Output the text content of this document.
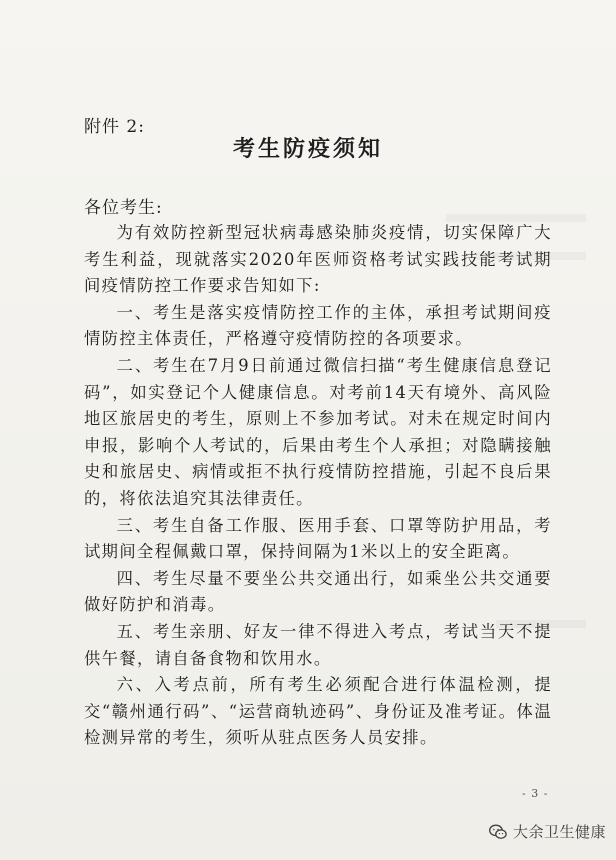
附件 2:
考生防疫须知
各位考生:

为有效防控新型冠状病毒感染肺炎疫情，切实保障广大考生利益，现就落实2020年医师资格考试实践技能考试期间疫情防控工作要求告知如下:

一、考生是落实疫情防控工作的主体，承担考试期间疫情防控主体责任，严格遵守疫情防控的各项要求。

二、考生在7月9日前通过微信扫描“考生健康信息登记码”，如实登记个人健康信息。对考前14天有境外、高风险地区旅居史的考生，原则上不参加考试。对未在规定时间内申报，影响个人考试的，后果由考生个人承担；对隐瞒接触史和旅居史、病情或拒不执行疫情防控措施，引起不良后果的，将依法追究其法律责任。

三、考生自备工作服、医用手套、口罩等防护用品，考试期间全程佩戴口罩，保持间隔为1米以上的安全距离。

四、考生尽量不要坐公共交通出行，如乘坐公共交通要做好防护和消毒。

五、考生亲朋、好友一律不得进入考点，考试当天不提供午餐，请自备食物和饮用水。

六、入考点前，所有考生必须配合进行体温检测，提交“赣州通行码”、“运营商轨迹码”、身份证及准考证。体温检测异常的考生，须听从驻点医务人员安排。

- 3 -
大余卫生健康
